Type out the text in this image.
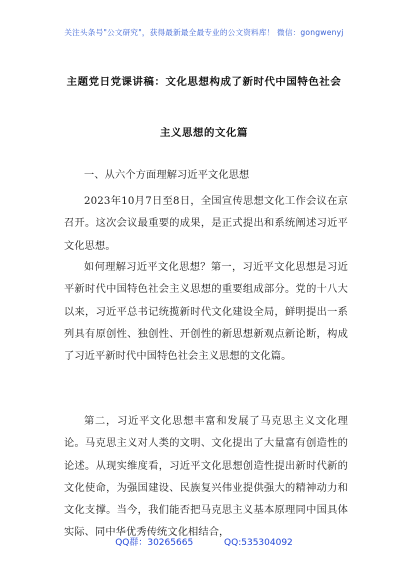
关注头条号"公文研究"，获得最新最全最专业的公文资料库！ 微信：gongwenyj
主题党日党课讲稿：文化思想构成了新时代中国特色社会
主义思想的文化篇
一、从六个方面理解习近平文化思想
2023年10月7日至8日，全国宣传思想文化工作会议在京召开。这次会议最重要的成果，是正式提出和系统阐述习近平文化思想。
如何理解习近平文化思想？第一，习近平文化思想是习近平新时代中国特色社会主义思想的重要组成部分。党的十八大以来，习近平总书记统揽新时代文化建设全局，鲜明提出一系列具有原创性、独创性、开创性的新思想新观点新论断，构成了习近平新时代中国特色社会主义思想的文化篇。
第二，习近平文化思想丰富和发展了马克思主义文化理论。马克思主义对人类的文明、文化提出了大量富有创造性的论述。从现实维度看，习近平文化思想创造性提出新时代新的文化使命，为强国建设、民族复兴伟业提供强大的精神动力和文化支撑。当今，我们能否把马克思主义基本原理同中国具体实际、同中华优秀传统文化相结合，
QQ群：30265665	QQ:535304092
